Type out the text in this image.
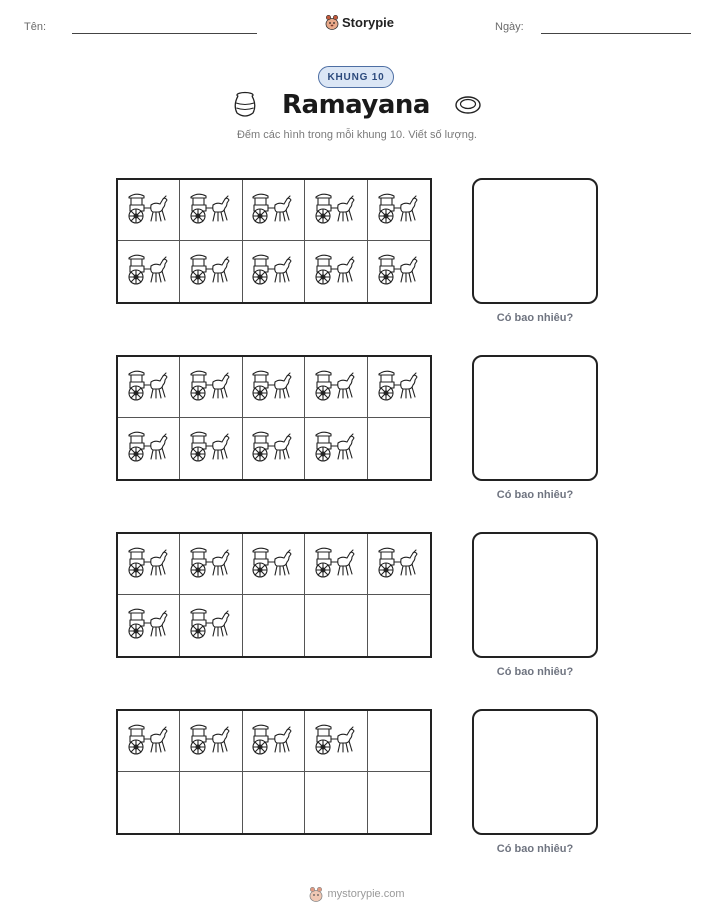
Tên:	Storypie	Ngày:
KHUNG 10
Ramayana
Đếm các hình trong mỗi khung 10. Viết số lượng.
Có bao nhiêu?
Có bao nhiêu?
Có bao nhiêu?
Có bao nhiêu?
mystorypie.com
